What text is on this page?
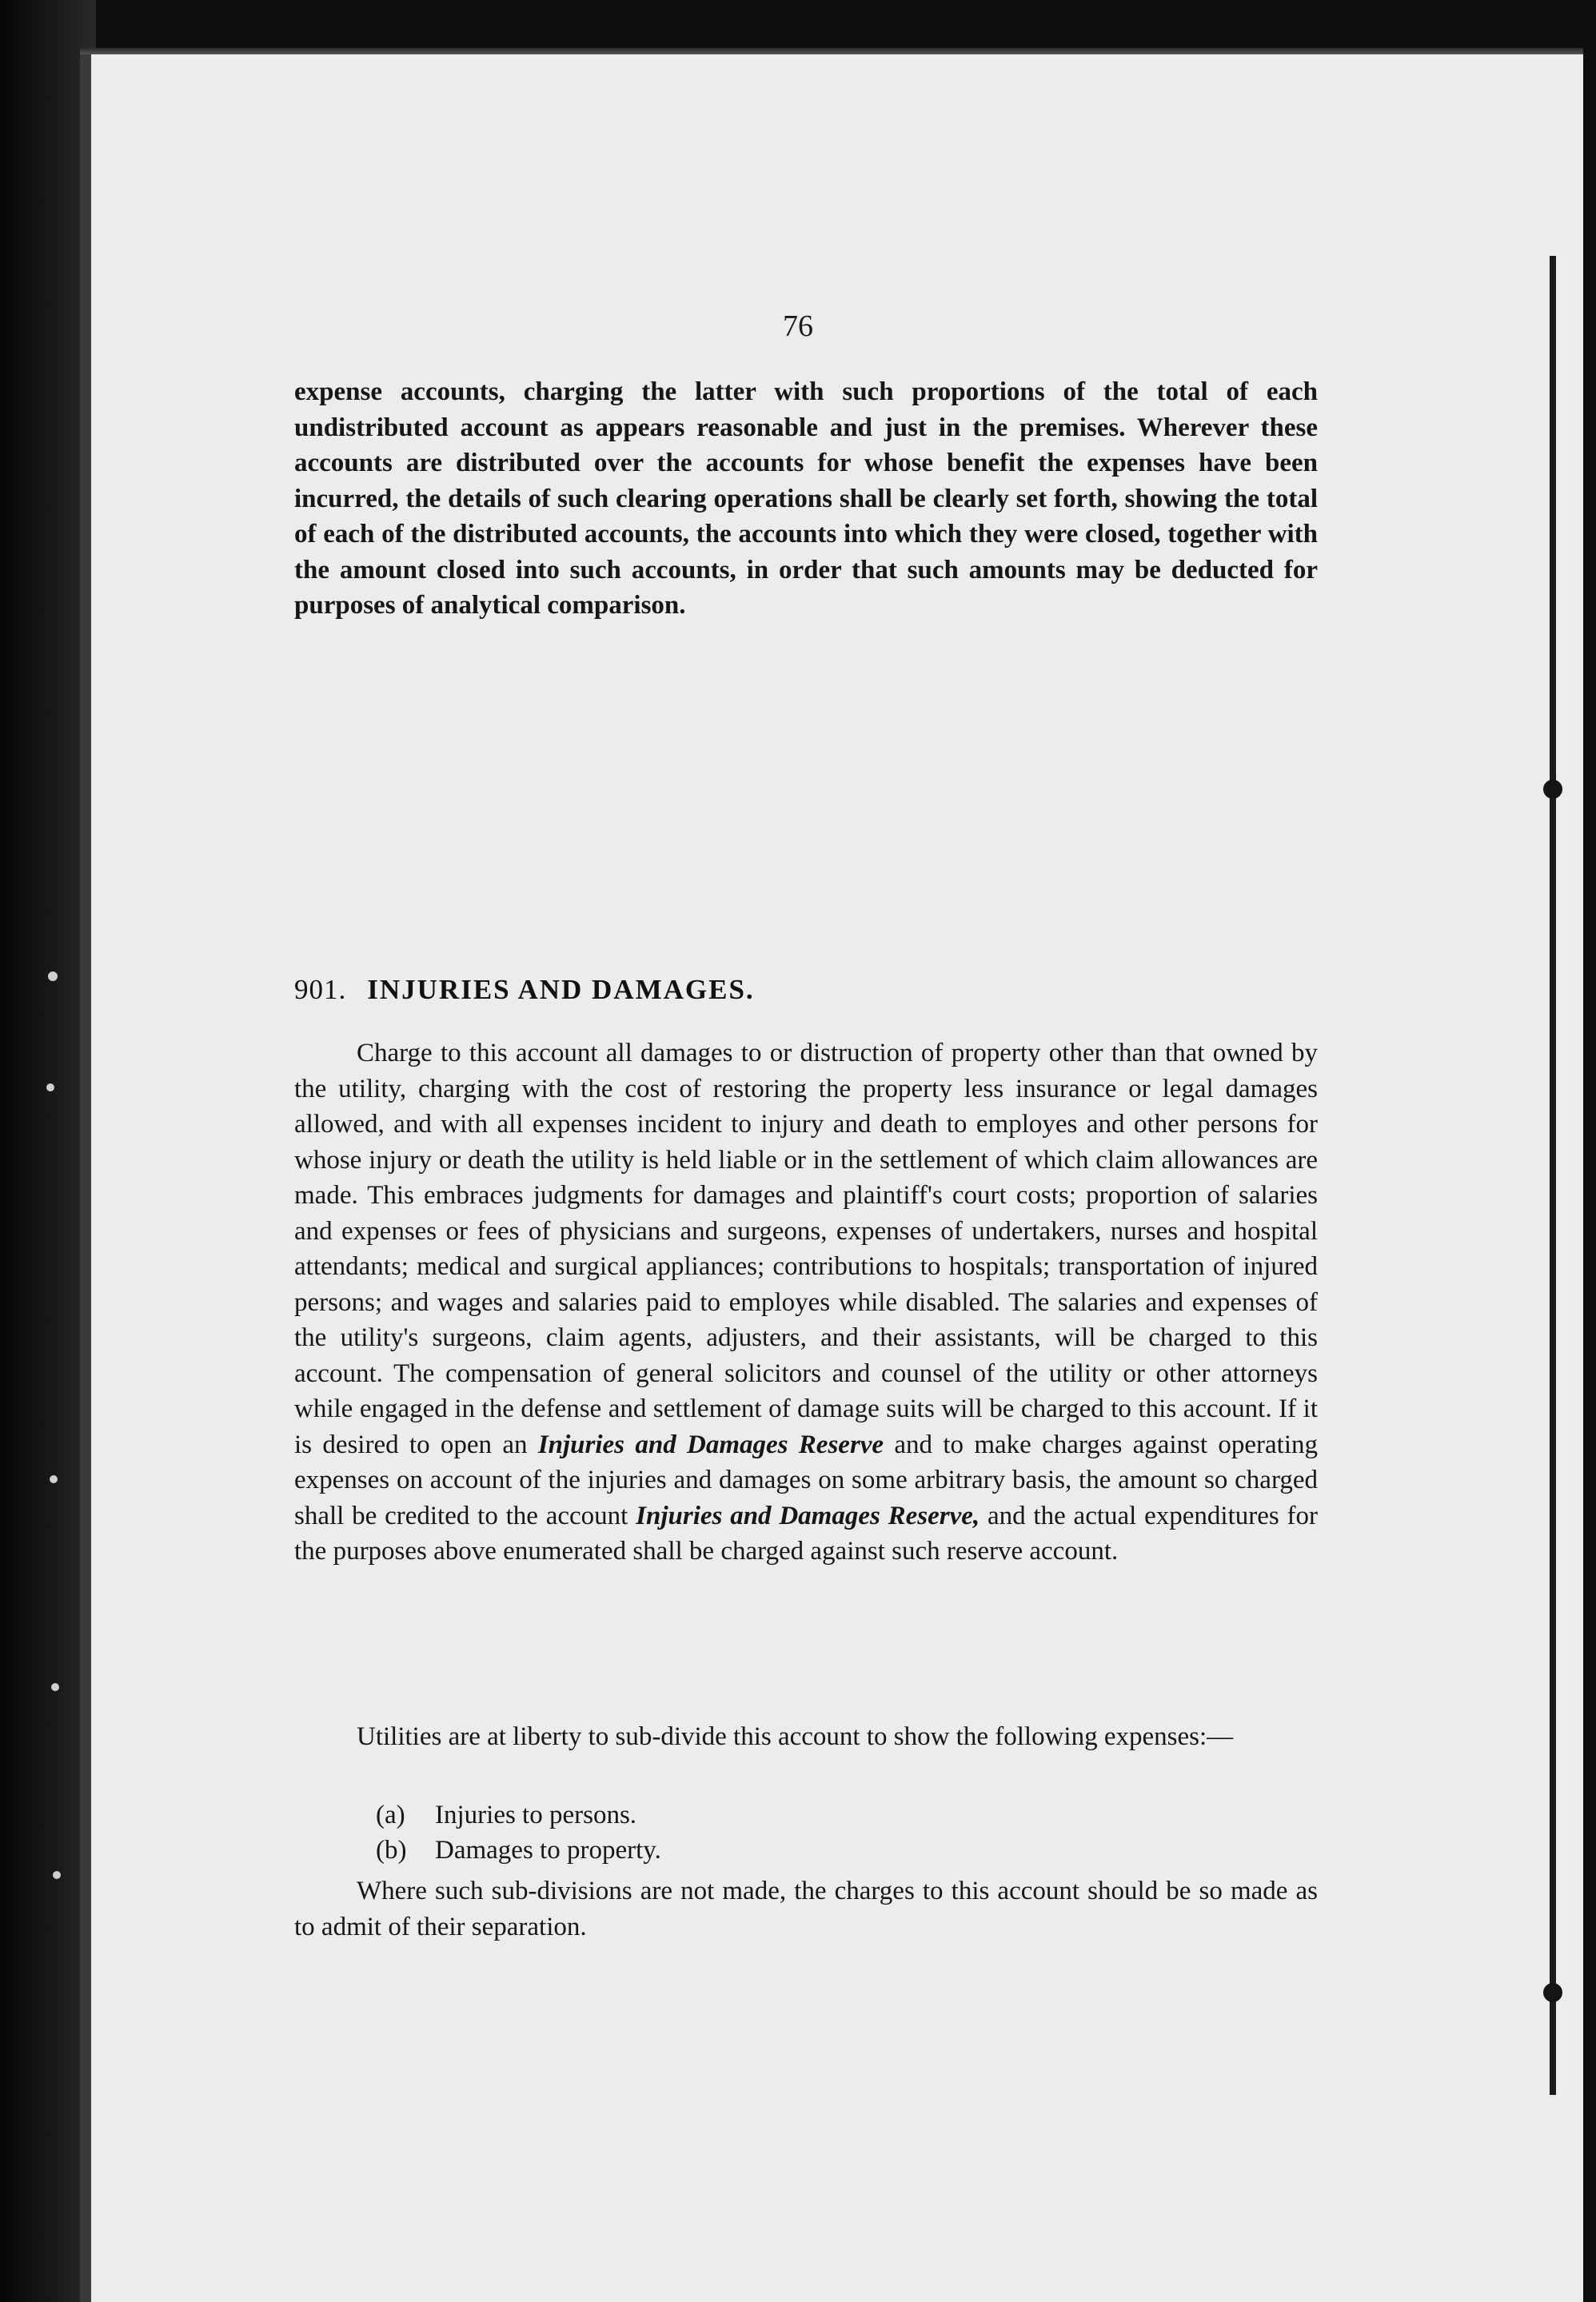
76
expense accounts, charging the latter with such proportions of the total of each undistributed account as appears reasonable and just in the premises. Wherever these accounts are distributed over the accounts for whose benefit the expenses have been incurred, the details of such clearing operations shall be clearly set forth, showing the total of each of the distributed accounts, the accounts into which they were closed, together with the amount closed into such accounts, in order that such amounts may be deducted for purposes of analytical comparison.
901. INJURIES AND DAMAGES.
Charge to this account all damages to or distruction of property other than that owned by the utility, charging with the cost of restoring the property less insurance or legal damages allowed, and with all expenses incident to injury and death to employes and other persons for whose injury or death the utility is held liable or in the settlement of which claim allowances are made. This embraces judgments for damages and plaintiff's court costs; proportion of salaries and expenses or fees of physicians and surgeons, expenses of undertakers, nurses and hospital attendants; medical and surgical appliances; contributions to hospitals; transportation of injured persons; and wages and salaries paid to employes while disabled. The salaries and expenses of the utility's surgeons, claim agents, adjusters, and their assistants, will be charged to this account. The compensation of general solicitors and counsel of the utility or other attorneys while engaged in the defense and settlement of damage suits will be charged to this account. If it is desired to open an Injuries and Damages Reserve and to make charges against operating expenses on account of the injuries and damages on some arbitrary basis, the amount so charged shall be credited to the account Injuries and Damages Reserve, and the actual expenditures for the purposes above enumerated shall be charged against such reserve account.
Utilities are at liberty to sub-divide this account to show the following expenses:—
(a) Injuries to persons.
(b) Damages to property.
Where such sub-divisions are not made, the charges to this account should be so made as to admit of their separation.
